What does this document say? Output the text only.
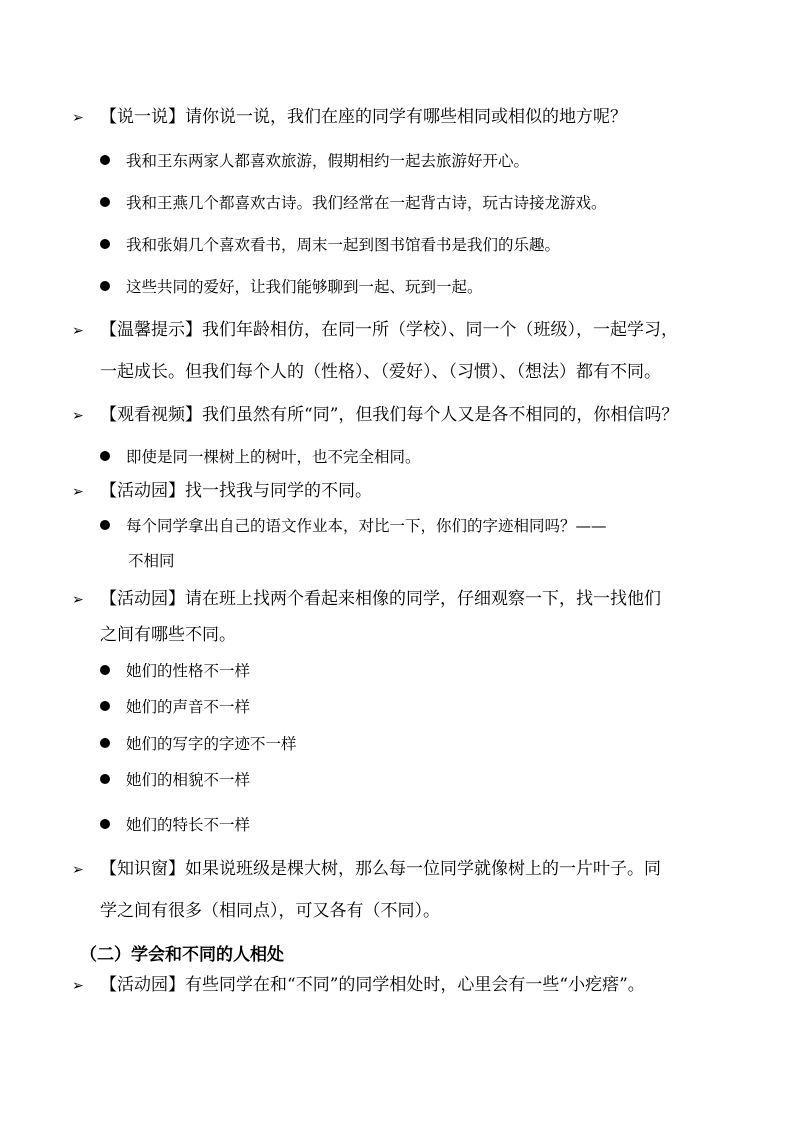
➢ 【说一说】请你说一说，我们在座的同学有哪些相同或相似的地方呢？
我和王东两家人都喜欢旅游，假期相约一起去旅游好开心。
我和王燕几个都喜欢古诗。我们经常在一起背古诗，玩古诗接龙游戏。
我和张娟几个喜欢看书，周末一起到图书馆看书是我们的乐趣。
这些共同的爱好，让我们能够聊到一起、玩到一起。
➢ 【温馨提示】我们年龄相仿，在同一所（学校）、同一个（班级），一起学习，
一起成长。但我们每个人的（性格）、（爱好）、（习惯）、（想法）都有不同。
➢ 【观看视频】我们虽然有所“同”，但我们每个人又是各不相同的，你相信吗？
即使是同一棵树上的树叶，也不完全相同。
➢ 【活动园】找一找我与同学的不同。
每个同学拿出自己的语文作业本，对比一下，你们的字迹相同吗？——
不相同
➢ 【活动园】请在班上找两个看起来相像的同学，仔细观察一下，找一找他们
之间有哪些不同。
她们的性格不一样
她们的声音不一样
她们的写字的字迹不一样
她们的相貌不一样
她们的特长不一样
➢ 【知识窗】如果说班级是棵大树，那么每一位同学就像树上的一片叶子。同
学之间有很多（相同点），可又各有（不同）。
（二）学会和不同的人相处
➢ 【活动园】有些同学在和“不同”的同学相处时，心里会有一些“小疙瘩”。
